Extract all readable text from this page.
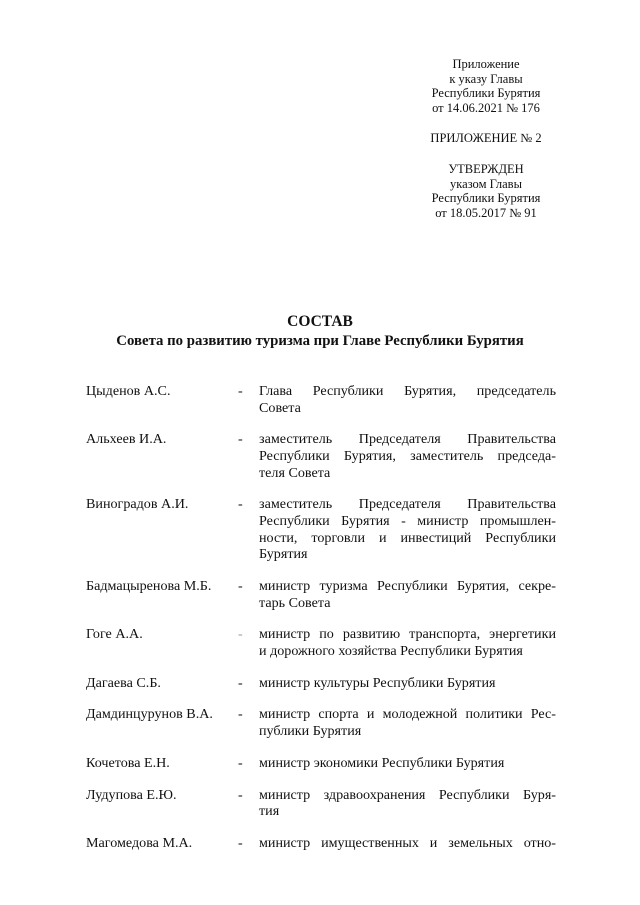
Приложение
к указу Главы
Республики Бурятия
от 14.06.2021 № 176
ПРИЛОЖЕНИЕ № 2
УТВЕРЖДЕН
указом Главы
Республики Бурятия
от 18.05.2017 № 91
СОСТАВ
Совета по развитию туризма при Главе Республики Бурятия
Цыденов А.С.	-	Глава Республики Бурятия, председатель
Совета
Альхеев И.А.	-	заместитель Председателя Правительства
Республики Бурятия, заместитель председа-
теля Совета
Виноградов А.И.	-	заместитель Председателя Правительства
Республики Бурятия - министр промышлен-
ности, торговли и инвестиций Республики
Бурятия
Бадмацыренова М.Б.	-	министр туризма Республики Бурятия, секре-
тарь Совета
Гоге А.А.	-	министр по развитию транспорта, энергетики
и дорожного хозяйства Республики Бурятия
Дагаева С.Б.	-	министр культуры Республики Бурятия
Дамдинцурунов В.А.	-	министр спорта и молодежной политики Рес-
публики Бурятия
Кочетова Е.Н.	-	министр экономики Республики Бурятия
Лудупова Е.Ю.	-	министр здравоохранения Республики Буря-
тия
Магомедова М.А.	-	министр имущественных и земельных отно-
